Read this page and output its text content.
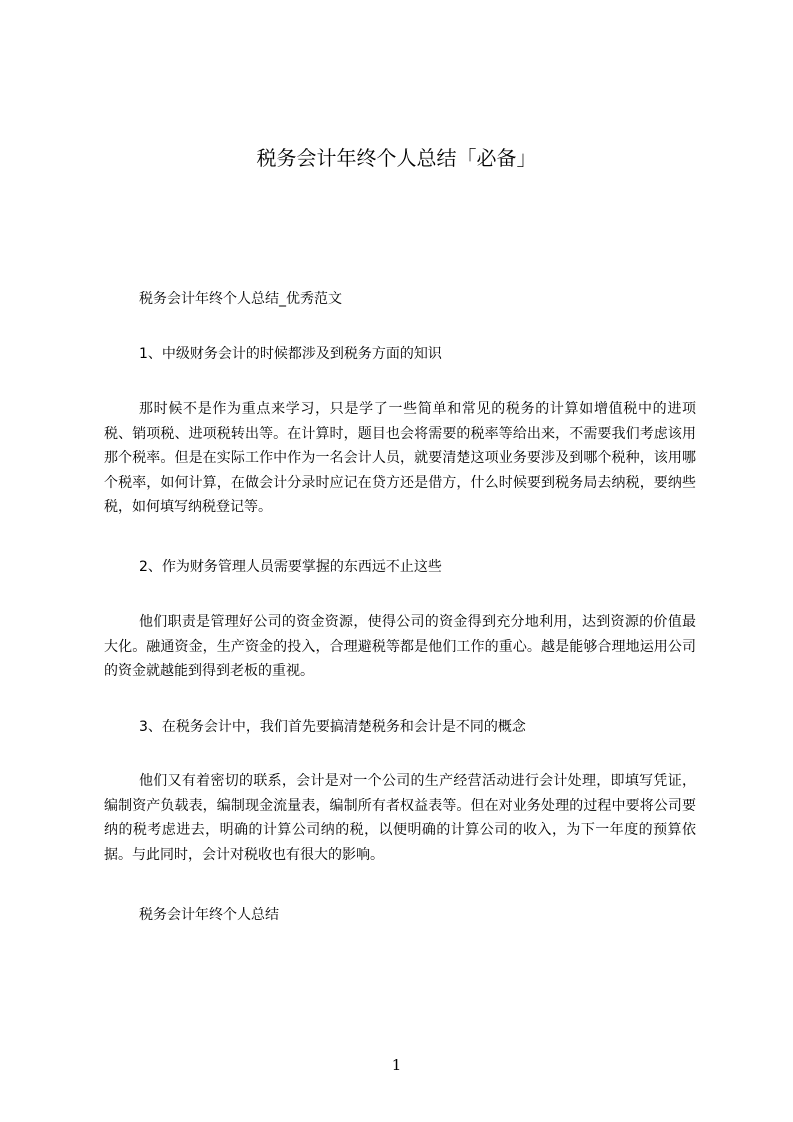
税务会计年终个人总结「必备」
税务会计年终个人总结_优秀范文
1、中级财务会计的时候都涉及到税务方面的知识
那时候不是作为重点来学习，只是学了一些简单和常见的税务的计算如增值税中的进项税、销项税、进项税转出等。在计算时，题目也会将需要的税率等给出来，不需要我们考虑该用那个税率。但是在实际工作中作为一名会计人员，就要清楚这项业务要涉及到哪个税种，该用哪个税率，如何计算，在做会计分录时应记在贷方还是借方，什么时候要到税务局去纳税，要纳些税，如何填写纳税登记等。
2、作为财务管理人员需要掌握的东西远不止这些
他们职责是管理好公司的资金资源，使得公司的资金得到充分地利用，达到资源的价值最大化。融通资金，生产资金的投入，合理避税等都是他们工作的重心。越是能够合理地运用公司的资金就越能到得到老板的重视。
3、在税务会计中，我们首先要搞清楚税务和会计是不同的概念
他们又有着密切的联系，会计是对一个公司的生产经营活动进行会计处理，即填写凭证，编制资产负载表，编制现金流量表，编制所有者权益表等。但在对业务处理的过程中要将公司要纳的税考虑进去，明确的计算公司纳的税，以便明确的计算公司的收入，为下一年度的预算依据。与此同时，会计对税收也有很大的影响。
税务会计年终个人总结
1
